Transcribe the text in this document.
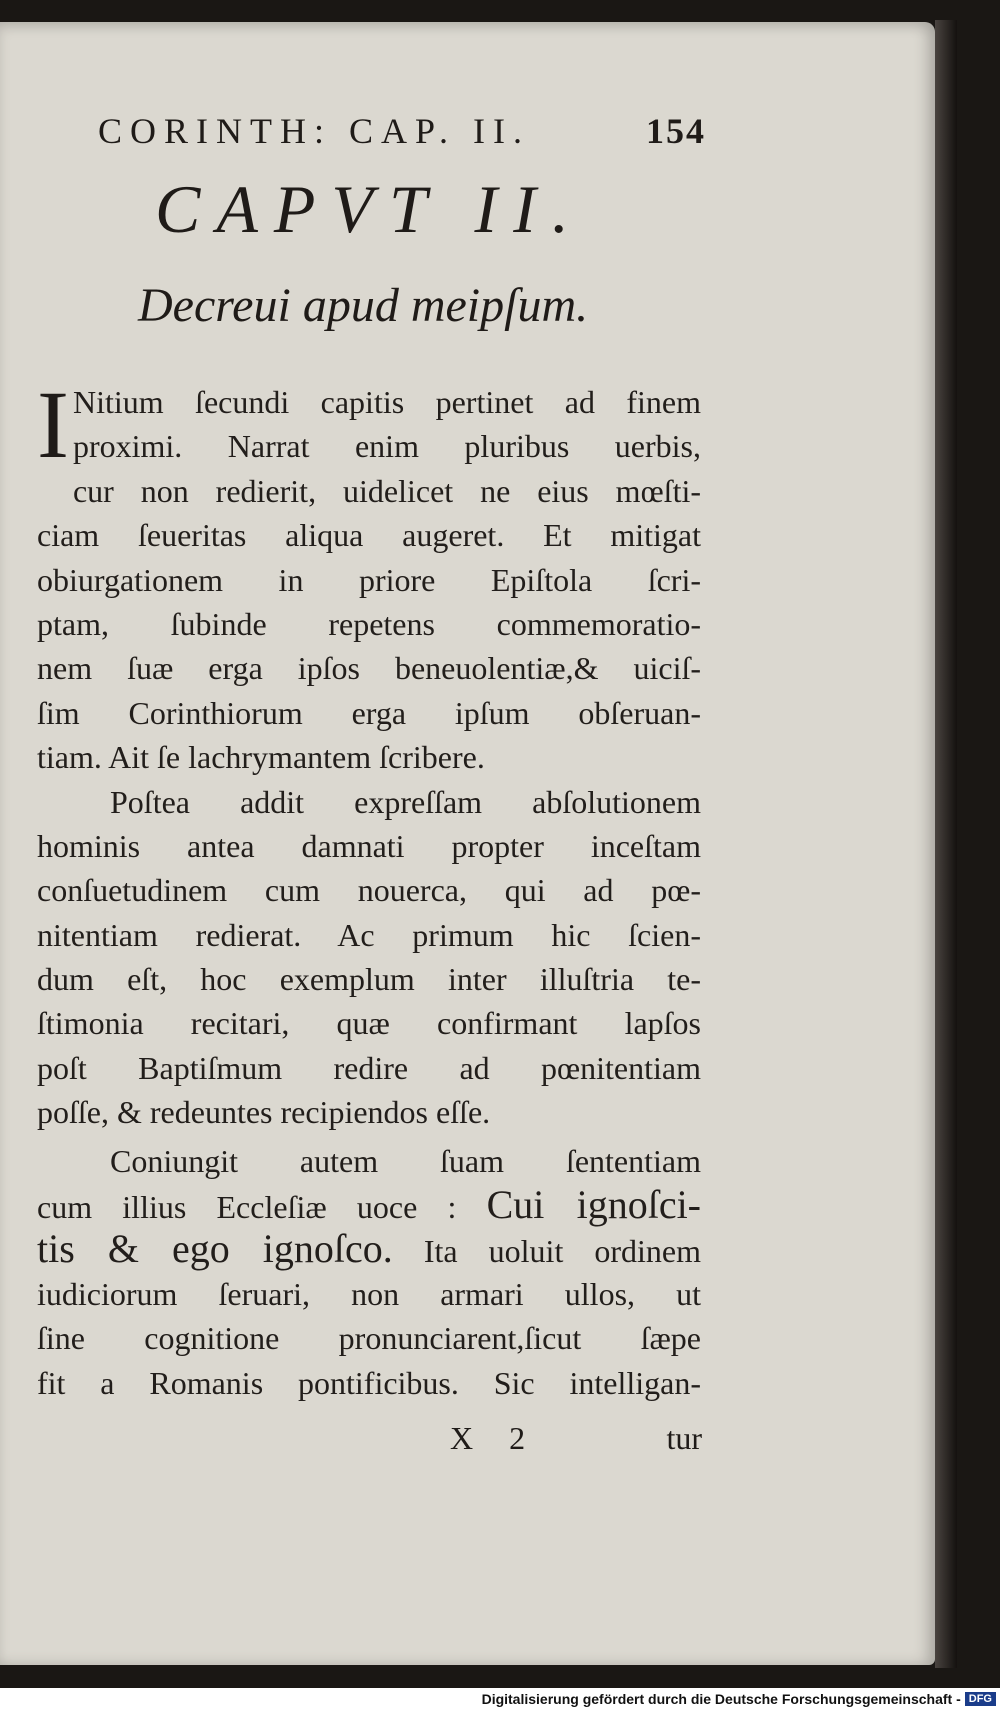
CORINTH: CAP. II.	154
CAPVT II.
Decreui apud meipſum.
I Nitium ſecundi capitis pertinet ad finem
proximi. Narrat enim pluribus uerbis,
cur non redierit, uidelicet ne eius mœſti-
ciam ſeueritas aliqua augeret. Et mitigat
obiurgationem in priore Epiſtola ſcri-
ptam, ſubinde repetens commemoratio-
nem ſuæ erga ipſos beneuolentiæ,& uiciſ-
ſim Corinthiorum erga ipſum obſeruan-
tiam. Ait ſe lachrymantem ſcribere.
Poſtea addit expreſſam abſolutionem
hominis antea damnati propter inceſtam
conſuetudinem cum nouerca, qui ad pœ-
nitentiam redierat. Ac primum hic ſcien-
dum eſt, hoc exemplum inter illuſtria te-
ſtimonia recitari, quæ confirmant lapſos
poſt Baptiſmum redire ad pœnitentiam
poſſe, & redeuntes recipiendos eſſe.
Coniungit autem ſuam ſententiam
cum illius Eccleſiæ uoce : Cui ignoſci-
tis & ego ignoſco. Ita uoluit ordinem
iudiciorum ſeruari, non armari ullos, ut
ſine cognitione pronunciarent,ſicut ſæpe
fit a Romanis pontificibus. Sic intelligan-
X 2	tur
Digitalisierung gefördert durch die Deutsche Forschungsgemeinschaft - DFG
